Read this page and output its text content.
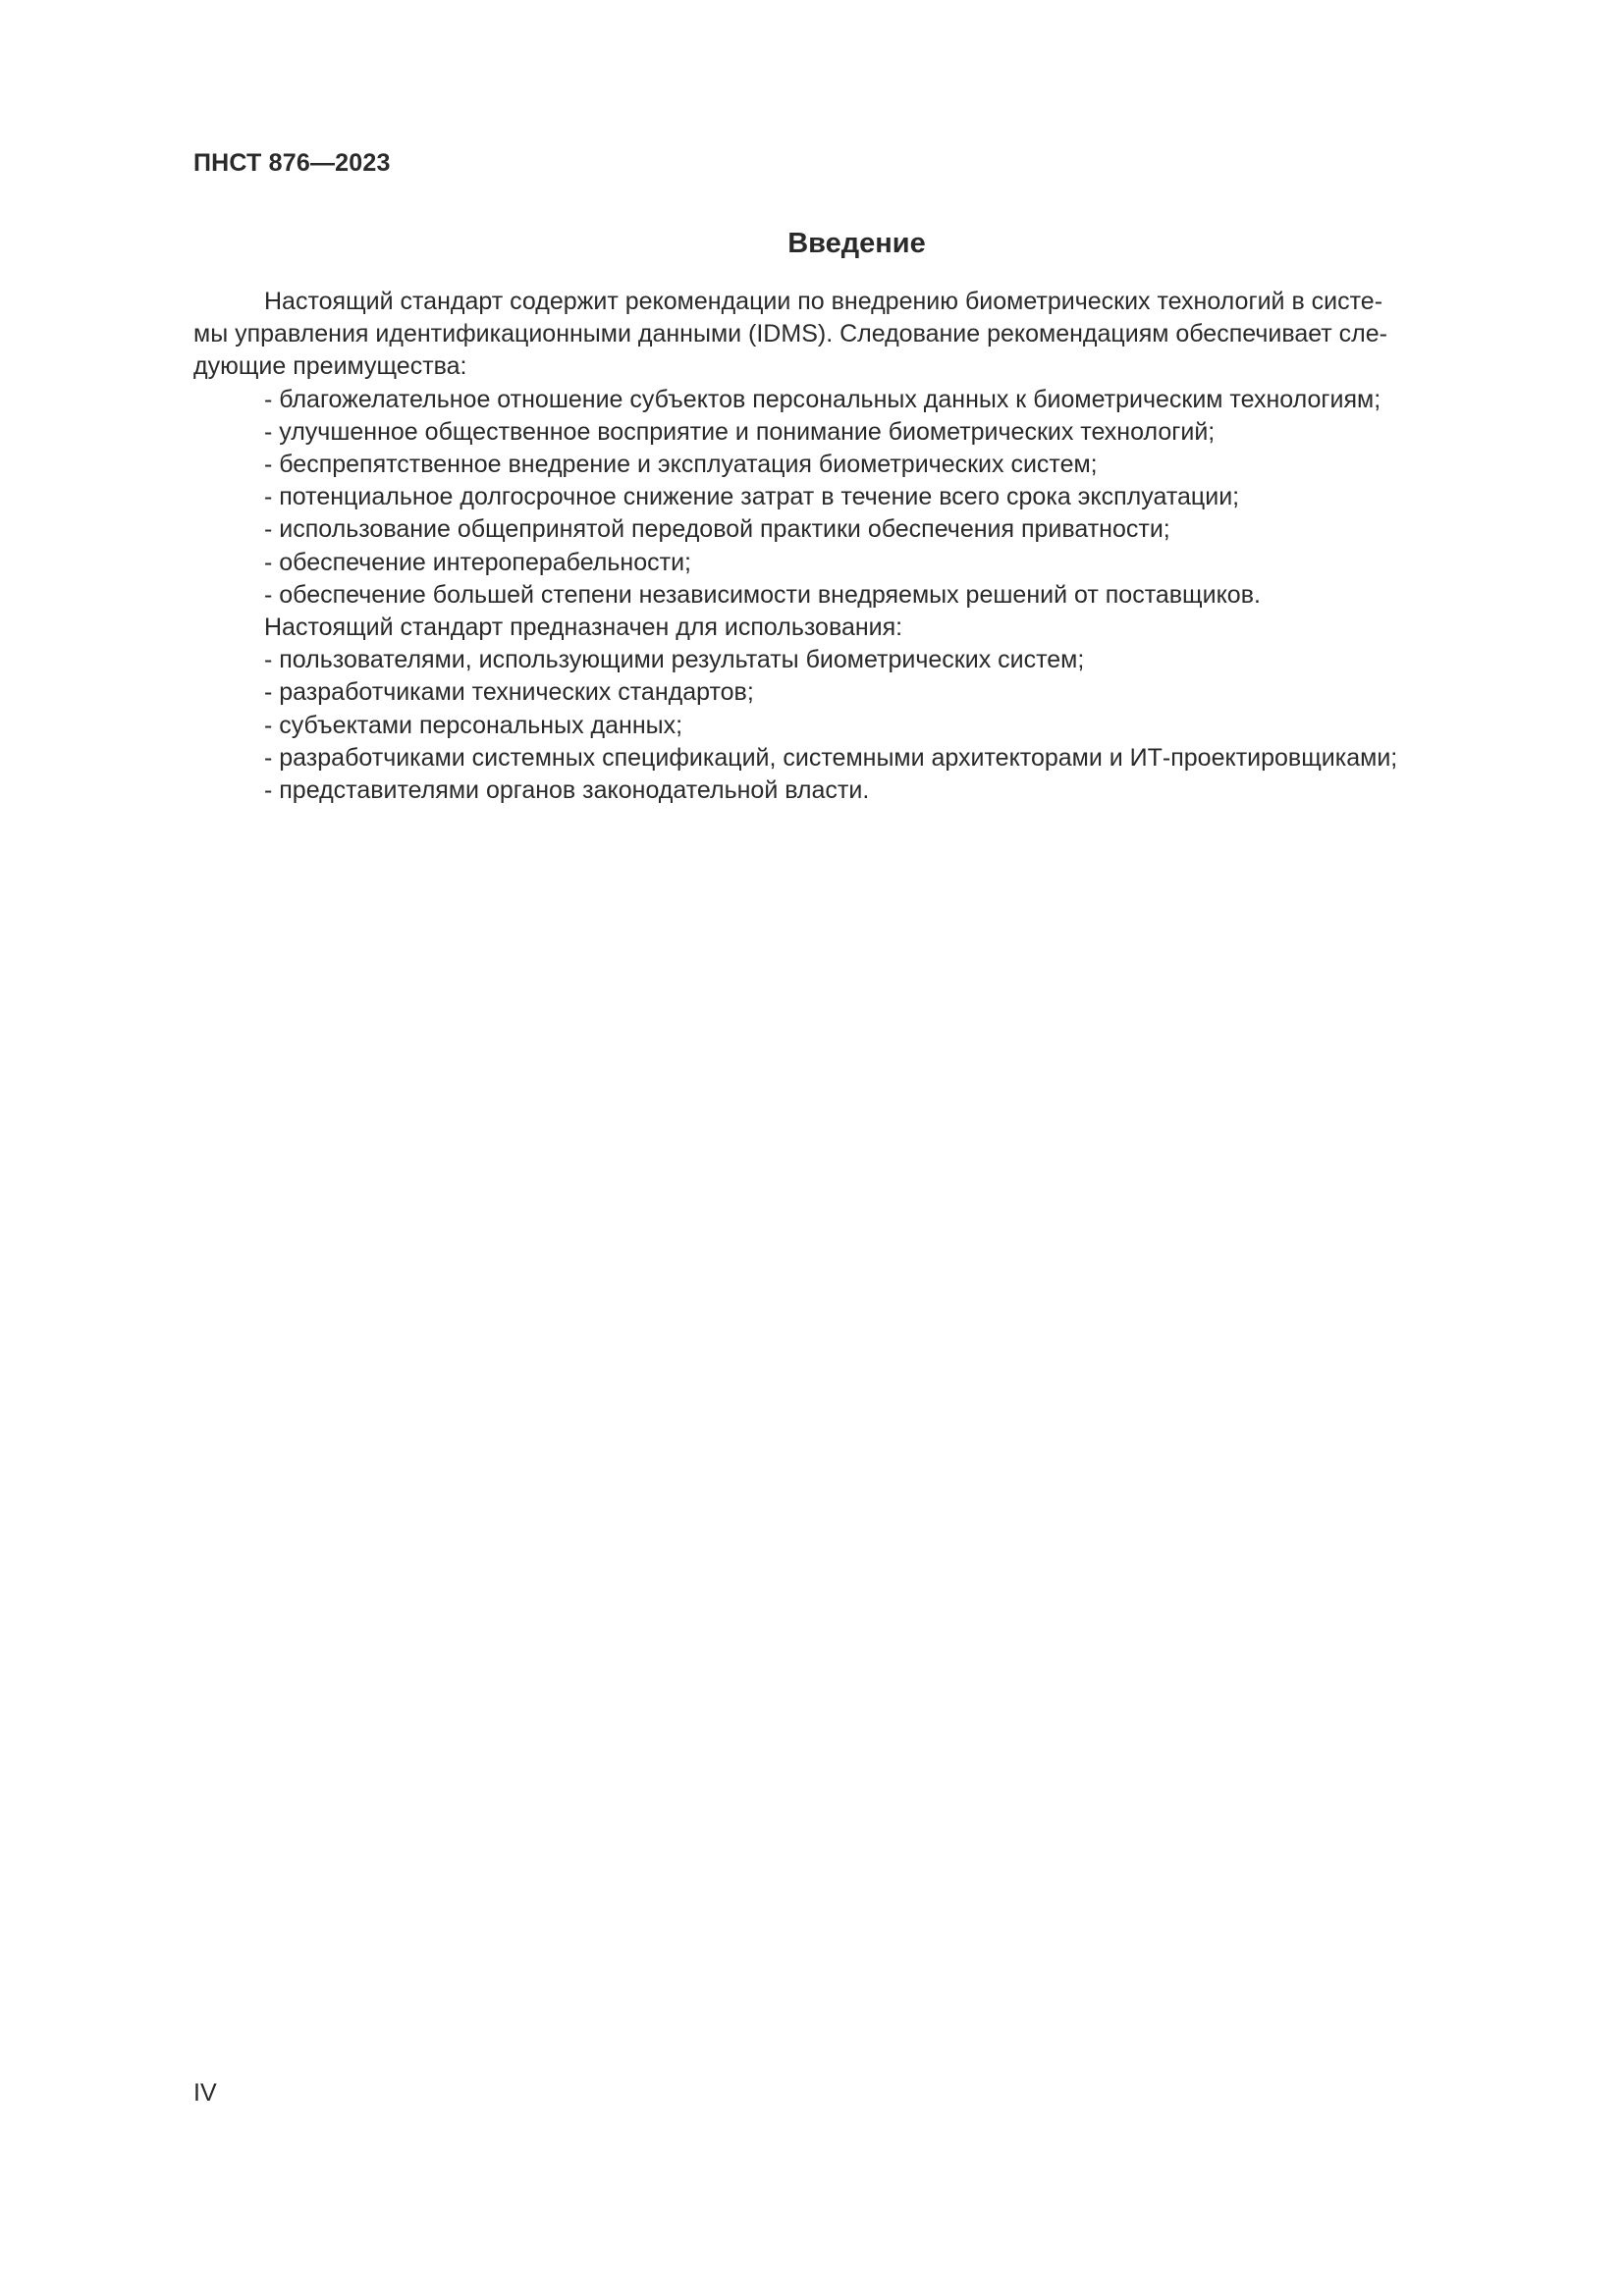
ПНСТ 876—2023
Введение
Настоящий стандарт содержит рекомендации по внедрению биометрических технологий в систе-
мы управления идентификационными данными (IDMS). Следование рекомендациям обеспечивает сле-
дующие преимущества:
- благожелательное отношение субъектов персональных данных к биометрическим технологиям;
- улучшенное общественное восприятие и понимание биометрических технологий;
- беспрепятственное внедрение и эксплуатация биометрических систем;
- потенциальное долгосрочное снижение затрат в течение всего срока эксплуатации;
- использование общепринятой передовой практики обеспечения приватности;
- обеспечение интероперабельности;
- обеспечение большей степени независимости внедряемых решений от поставщиков.
Настоящий стандарт предназначен для использования:
- пользователями, использующими результаты биометрических систем;
- разработчиками технических стандартов;
- субъектами персональных данных;
- разработчиками системных спецификаций, системными архитекторами и ИТ-проектировщиками;
- представителями органов законодательной власти.
IV
